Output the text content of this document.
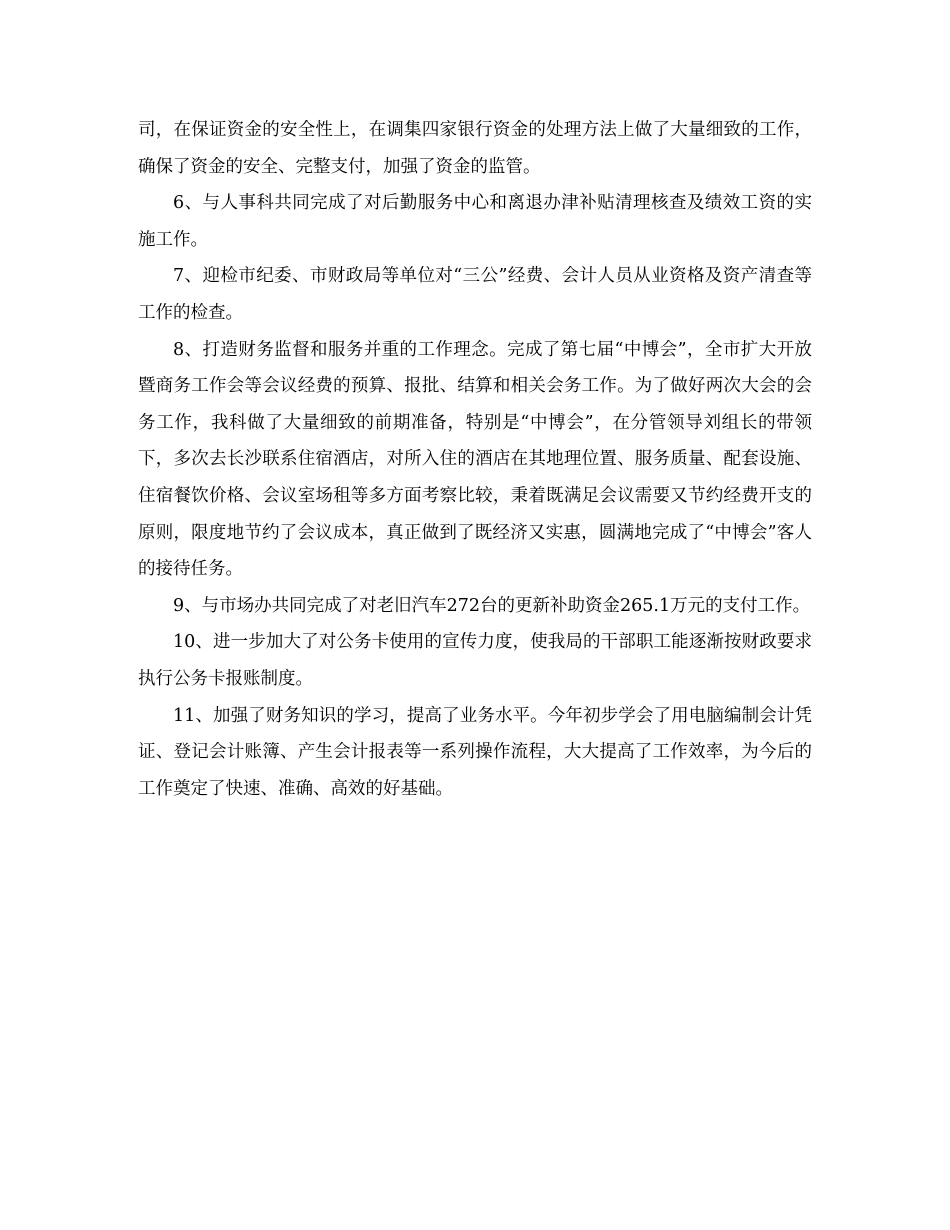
司，在保证资金的安全性上，在调集四家银行资金的处理方法上做了大量细致的工作，确保了资金的安全、完整支付，加强了资金的监管。

6、与人事科共同完成了对后勤服务中心和离退办津补贴清理核查及绩效工资的实施工作。

7、迎检市纪委、市财政局等单位对“三公”经费、会计人员从业资格及资产清查等工作的检查。

8、打造财务监督和服务并重的工作理念。完成了第七届“中博会”，全市扩大开放暨商务工作会等会议经费的预算、报批、结算和相关会务工作。为了做好两次大会的会务工作，我科做了大量细致的前期准备，特别是“中博会”，在分管领导刘组长的带领下，多次去长沙联系住宿酒店，对所入住的酒店在其地理位置、服务质量、配套设施、住宿餐饮价格、会议室场租等多方面考察比较，秉着既满足会议需要又节约经费开支的原则，限度地节约了会议成本，真正做到了既经济又实惠，圆满地完成了“中博会”客人的接待任务。

9、与市场办共同完成了对老旧汽车272台的更新补助资金265.1万元的支付工作。

10、进一步加大了对公务卡使用的宣传力度，使我局的干部职工能逐渐按财政要求执行公务卡报账制度。

11、加强了财务知识的学习，提高了业务水平。今年初步学会了用电脑编制会计凭证、登记会计账簿、产生会计报表等一系列操作流程，大大提高了工作效率，为今后的工作奠定了快速、准确、高效的好基础。
